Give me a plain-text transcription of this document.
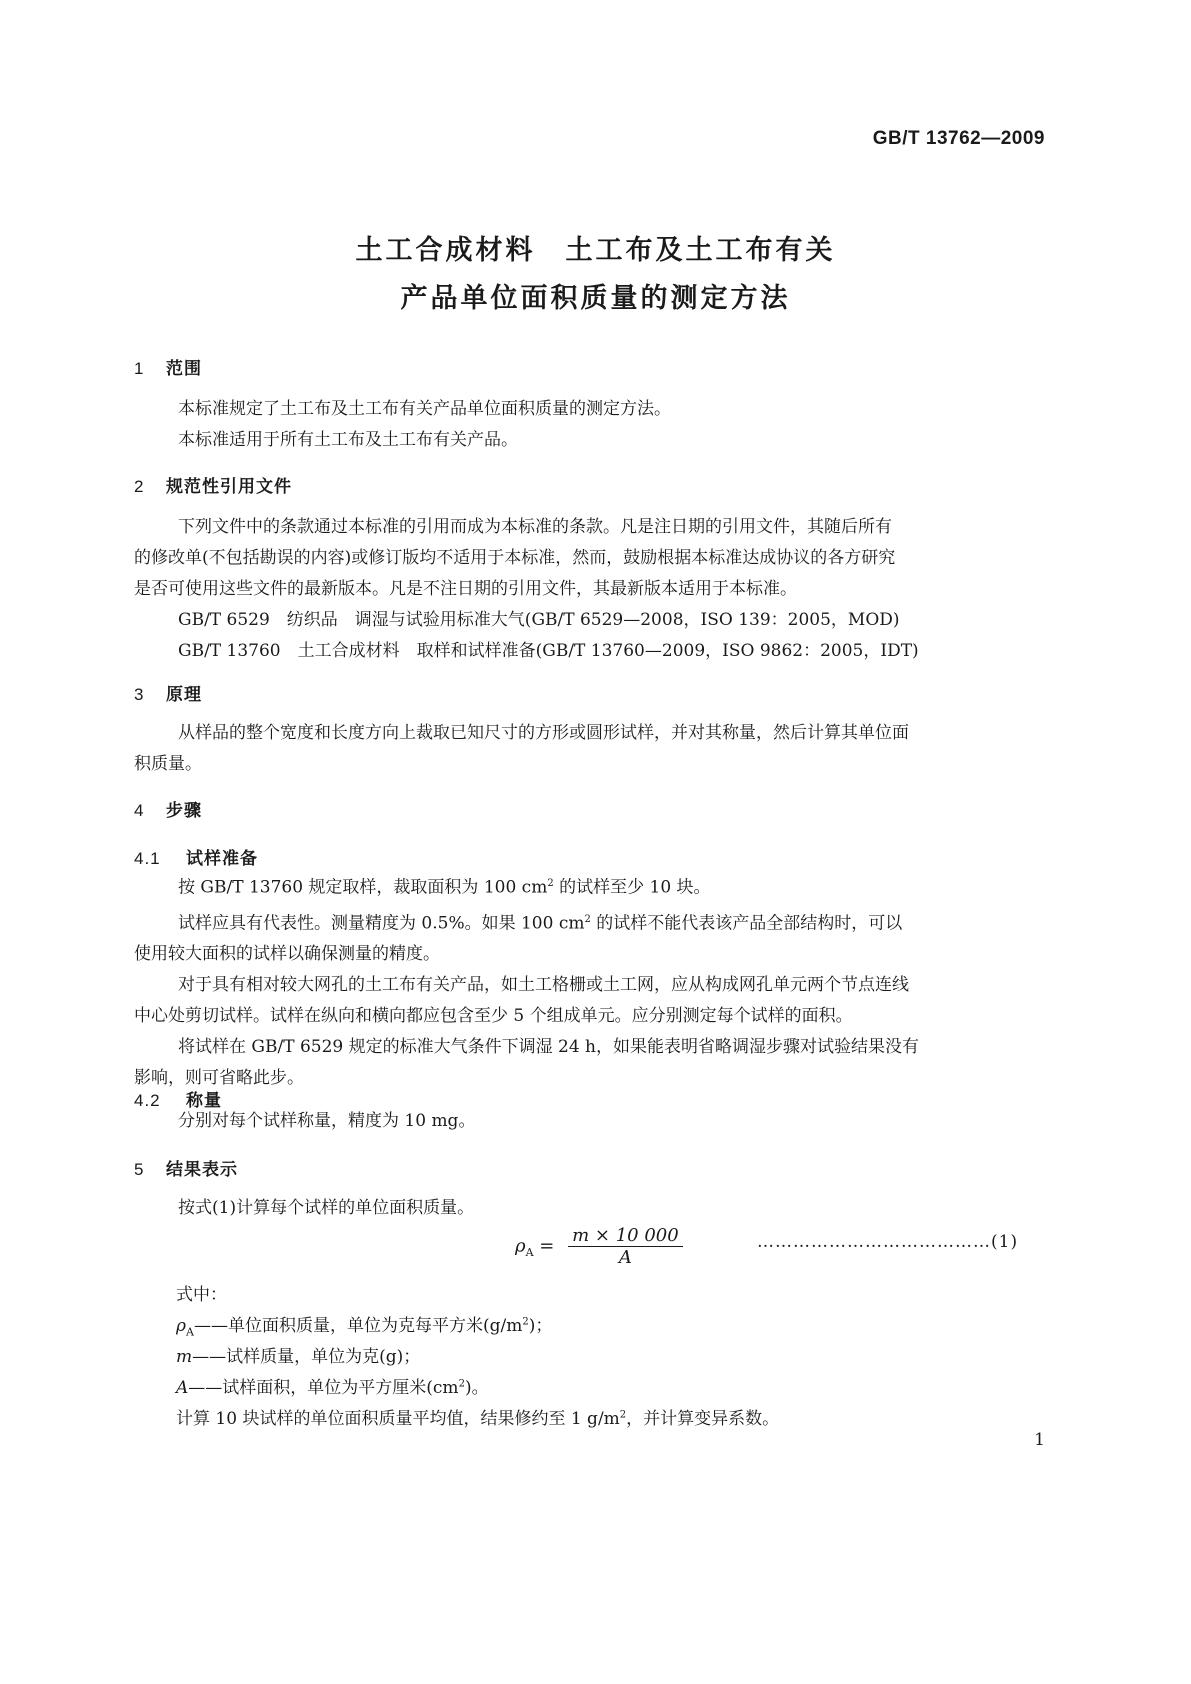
GB/T 13762—2009
土工合成材料　土工布及土工布有关
产品单位面积质量的测定方法
1 范围
本标准规定了土工布及土工布有关产品单位面积质量的测定方法。
本标准适用于所有土工布及土工布有关产品。
2 规范性引用文件
下列文件中的条款通过本标准的引用而成为本标准的条款。凡是注日期的引用文件，其随后所有
的修改单(不包括勘误的内容)或修订版均不适用于本标准，然而，鼓励根据本标准达成协议的各方研究
是否可使用这些文件的最新版本。凡是不注日期的引用文件，其最新版本适用于本标准。
GB/T 6529　纺织品　调湿与试验用标准大气(GB/T 6529—2008，ISO 139：2005，MOD)
GB/T 13760　土工合成材料　取样和试样准备(GB/T 13760—2009，ISO 9862：2005，IDT)
3 原理
从样品的整个宽度和长度方向上裁取已知尺寸的方形或圆形试样，并对其称量，然后计算其单位面
积质量。
4 步骤
4.1 试样准备
按 GB/T 13760 规定取样，裁取面积为 100 $cm^2$ 的试样至少 10 块。
试样应具有代表性。测量精度为 0.5%。如果 100 $cm^2$ 的试样不能代表该产品全部结构时，可以
使用较大面积的试样以确保测量的精度。
对于具有相对较大网孔的土工布有关产品，如土工格栅或土工网，应从构成网孔单元两个节点连线
中心处剪切试样。试样在纵向和横向都应包含至少 5 个组成单元。应分别测定每个试样的面积。
将试样在 GB/T 6529 规定的标准大气条件下调湿 24 h，如果能表明省略调湿步骤对试验结果没有
影响，则可省略此步。
4.2 称量
分别对每个试样称量，精度为 10 mg。
5 结果表示
按式(1)计算每个试样的单位面积质量。
$\rho_A = \frac{m \times 10 000}{A}$	…………………………………(1)
式中：
$\rho_A——$单位面积质量，单位为克每平方米$(g/m^2)$；
m——试样质量，单位为克(g)；
A——试样面积，单位为平方厘米$(cm^2)$。
计算 10 块试样的单位面积质量平均值，结果修约至 1 $g/m^2$，并计算变异系数。
1
